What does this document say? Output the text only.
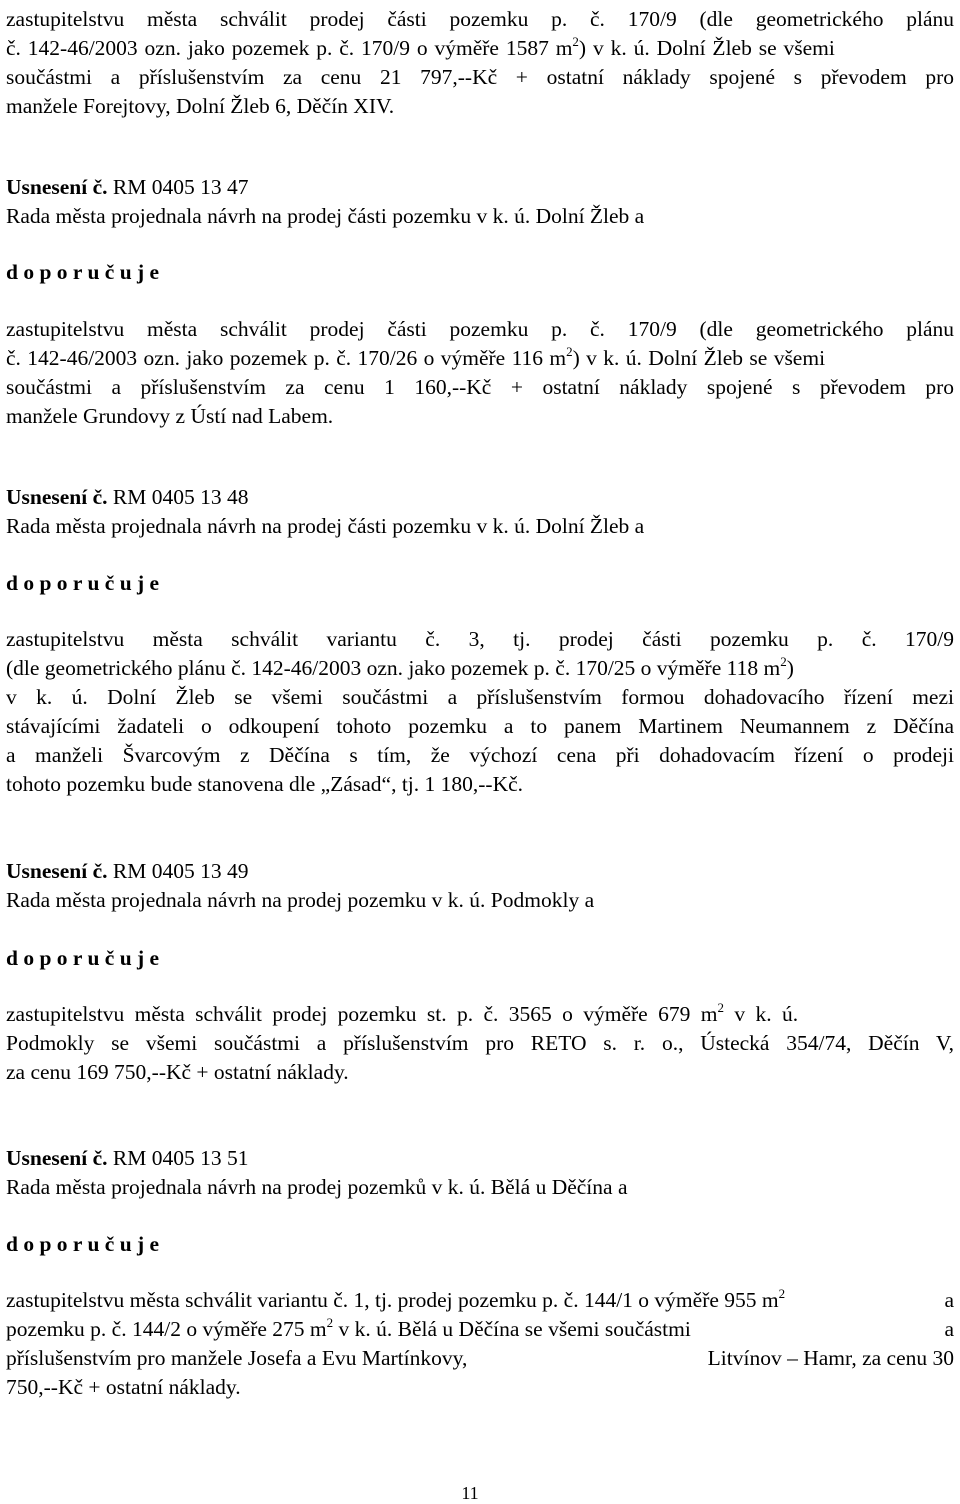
zastupitelstvu města schválit prodej části pozemku p. č. 170/9 (dle geometrického plánu
č. 142-46/2003 ozn. jako pozemek p. č. 170/9 o výměře 1587 $m^2$) v k. ú. Dolní Žleb se všemi
součástmi a příslušenstvím za cenu 21 797,--Kč + ostatní náklady spojené s převodem pro
manžele Forejtovy, Dolní Žleb 6, Děčín XIV.
Usnesení č. RM 0405 13 47
Rada města projednala návrh na prodej části pozemku v k. ú. Dolní Žleb a
d o p o r u č u j e
zastupitelstvu města schválit prodej části pozemku p. č. 170/9 (dle geometrického plánu
č. 142-46/2003 ozn. jako pozemek p. č. 170/26 o výměře 116 $m^2$) v k. ú. Dolní Žleb se všemi
součástmi a příslušenstvím za cenu 1 160,--Kč + ostatní náklady spojené s převodem pro
manžele Grundovy z Ústí nad Labem.
Usnesení č. RM 0405 13 48
Rada města projednala návrh na prodej části pozemku v k. ú. Dolní Žleb a
d o p o r u č u j e
zastupitelstvu města schválit variantu č. 3, tj. prodej části pozemku p. č. 170/9
(dle geometrického plánu č. 142-46/2003 ozn. jako pozemek p. č. 170/25 o výměře 118 $m^2$)
v k. ú. Dolní Žleb se všemi součástmi a příslušenstvím formou dohadovacího řízení mezi
stávajícími žadateli o odkoupení tohoto pozemku a to panem Martinem Neumannem z Děčína
a manželi Švarcovým z Děčína s tím, že výchozí cena při dohadovacím řízení o prodeji
tohoto pozemku bude stanovena dle „Zásad“, tj. 1 180,--Kč.
Usnesení č. RM 0405 13 49
Rada města projednala návrh na prodej pozemku v k. ú. Podmokly a
d o p o r u č u j e
zastupitelstvu města schválit prodej pozemku st. p. č. 3565 o výměře 679 $m^2$ v k. ú.
Podmokly se všemi součástmi a příslušenstvím pro RETO s. r. o., Ústecká 354/74, Děčín V,
za cenu 169 750,--Kč + ostatní náklady.
Usnesení č. RM 0405 13 51
Rada města projednala návrh na prodej pozemků v k. ú. Bělá u Děčína a
d o p o r u č u j e
zastupitelstvu města schválit variantu č. 1, tj. prodej pozemku p. č. 144/1 o výměře 955 $m^2$	a
pozemku p. č. 144/2 o výměře 275 $m^2$ v k. ú. Bělá u Děčína se všemi součástmi	a
příslušenstvím pro manžele Josefa a Evu Martínkovy,	Litvínov – Hamr, za cenu 30
750,--Kč + ostatní náklady.
11
